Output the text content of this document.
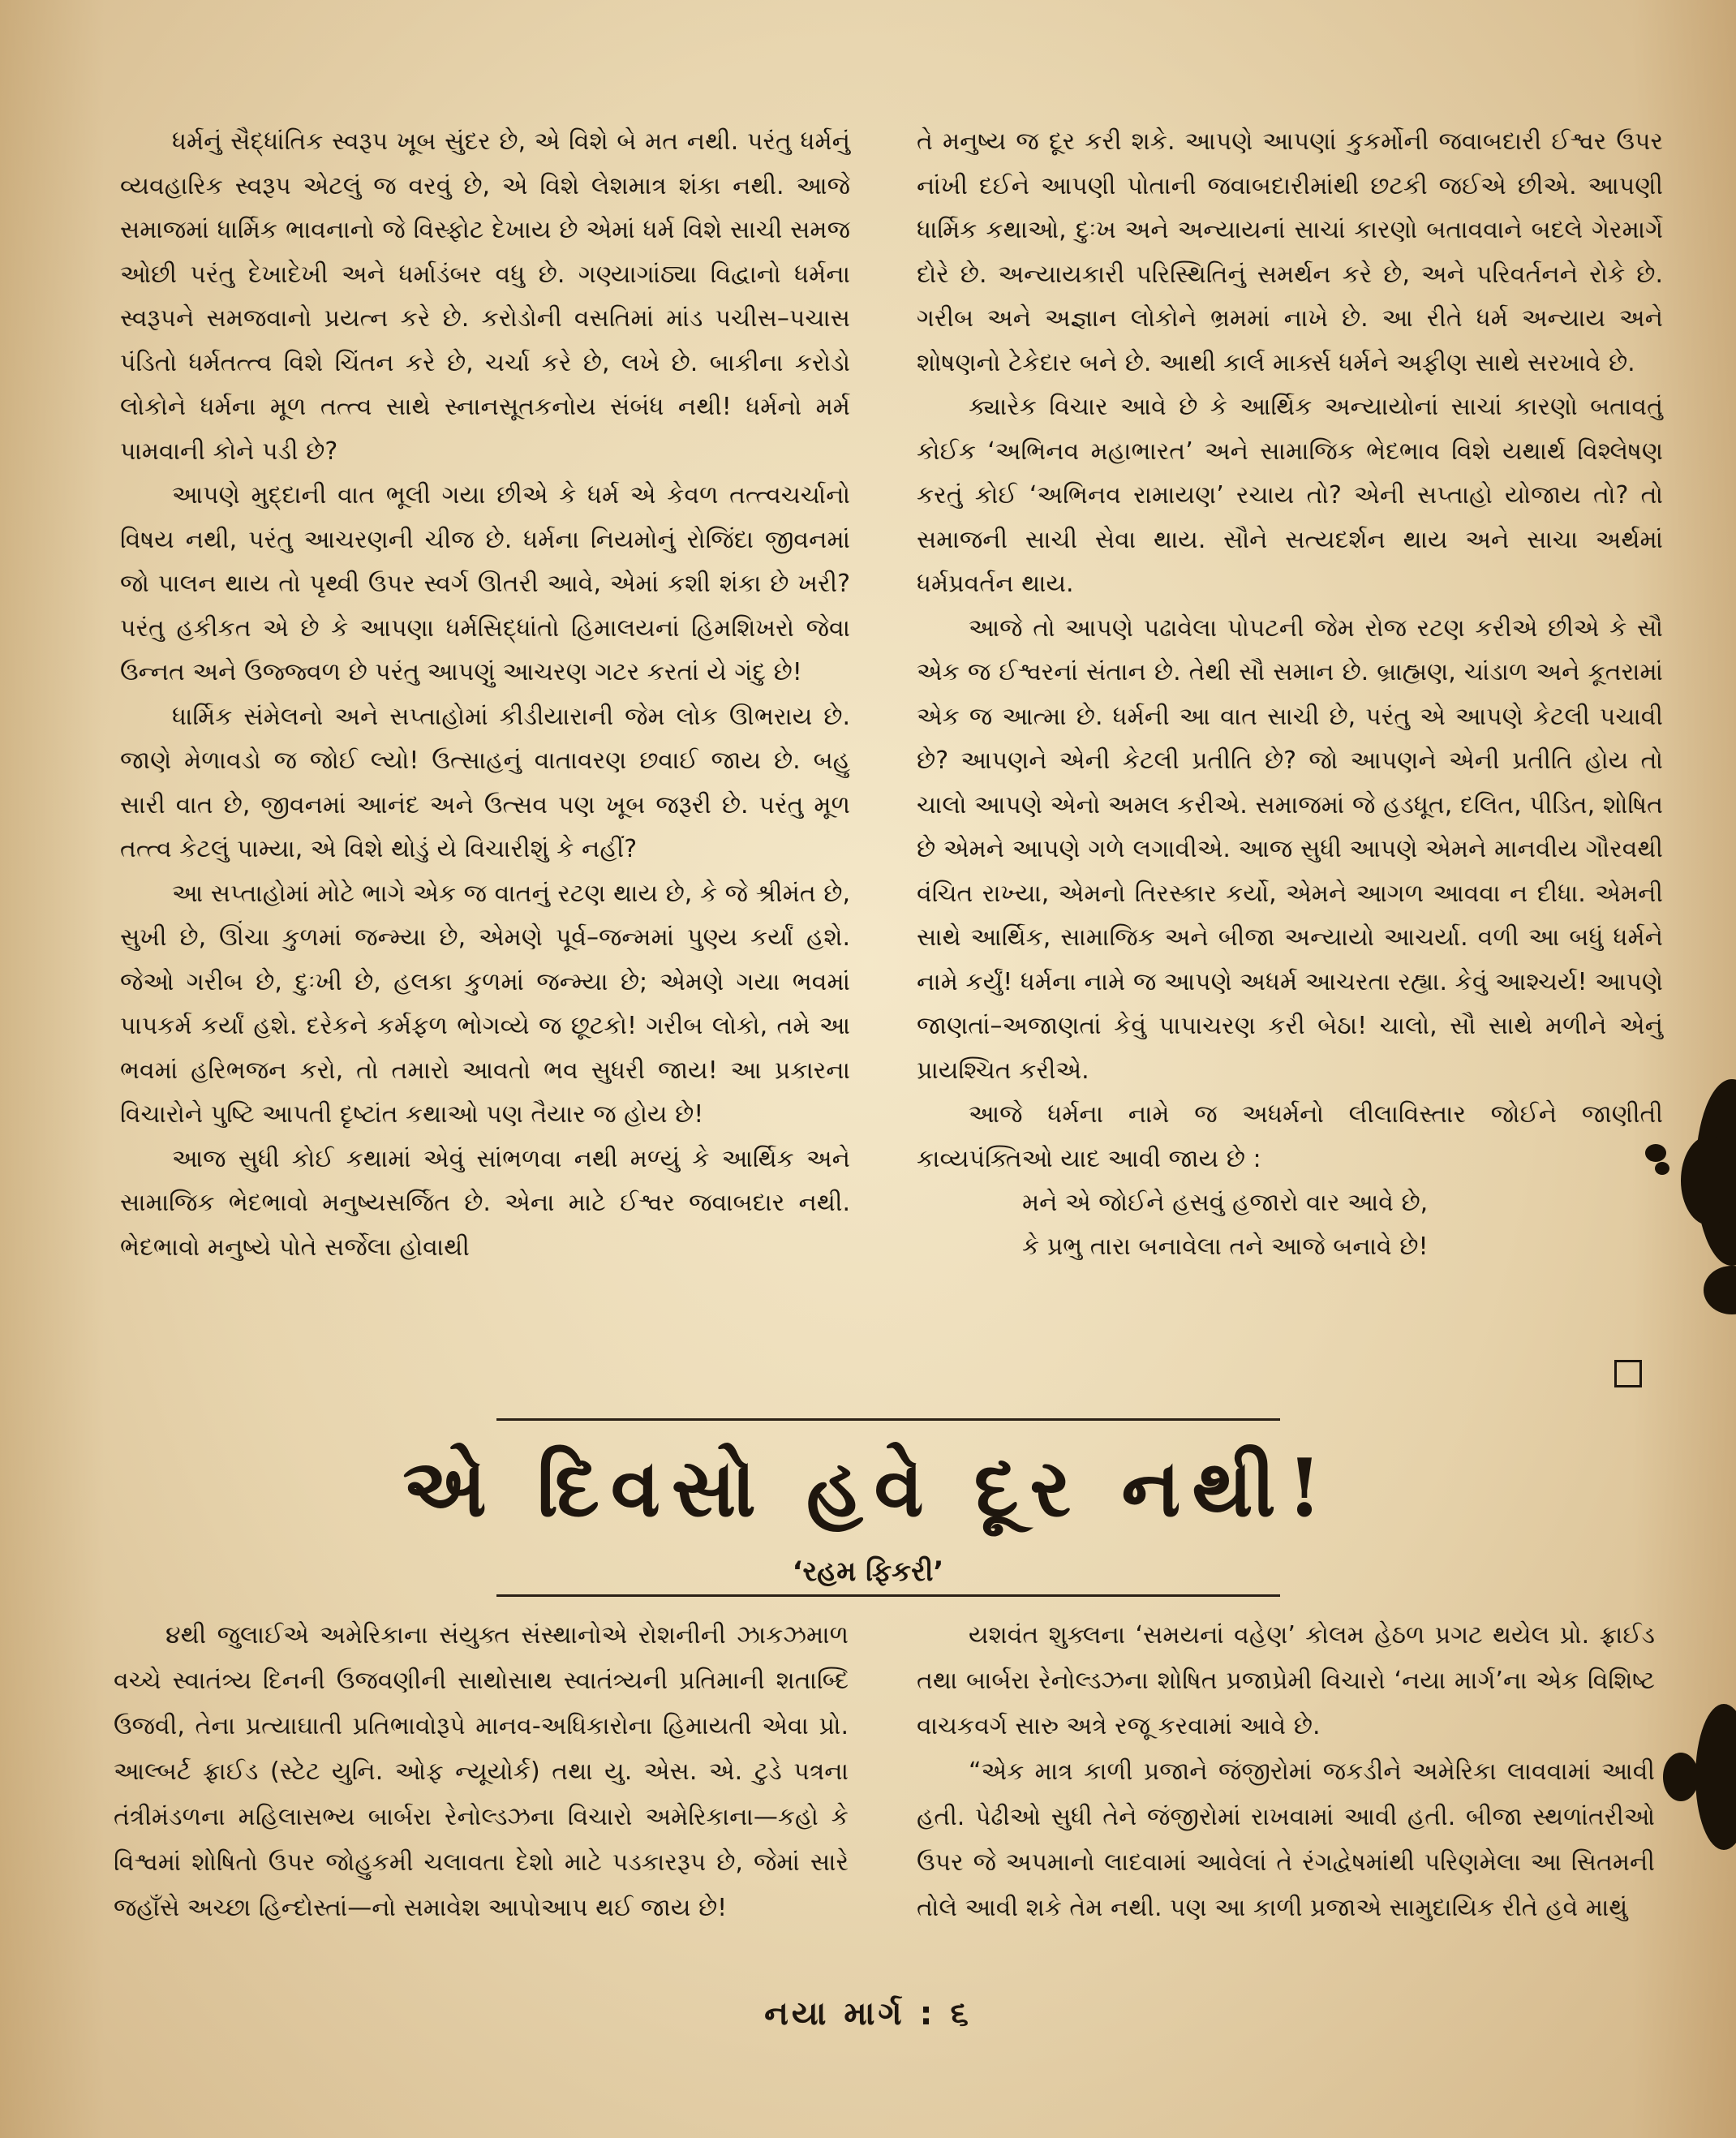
ધર્મનું સૈદ્ધાંતિક સ્વરૂપ ખૂબ સુંદર છે, એ વિશે બે મત નથી. પરંતુ ધર્મનું વ્યવહારિક સ્વરૂપ એટલું જ વરવું છે, એ વિશે લેશમાત્ર શંકા નથી. આજે સમાજમાં ધાર્મિક ભાવનાનો જે વિસ્ફોટ દેખાય છે એમાં ધર્મ વિશે સાચી સમજ ઓછી પરંતુ દેખાદેખી અને ધર્માડંબર વધુ છે. ગણ્યાગાંઠ્યા વિદ્વાનો ધર્મના સ્વરૂપને સમજવાનો પ્રયત્ન કરે છે. કરોડોની વસતિમાં માંડ પચીસ–પચાસ પંડિતો ધર્મતત્ત્વ વિશે ચિંતન કરે છે, ચર્ચા કરે છે, લખે છે. બાકીના કરોડો લોકોને ધર્મના મૂળ તત્ત્વ સાથે સ્નાનસૂતકનોય સંબંધ નથી! ધર્મનો મર્મ પામવાની કોને પડી છે?

આપણે મુદ્દાની વાત ભૂલી ગયા છીએ કે ધર્મ એ કેવળ તત્ત્વચર્ચાનો વિષય નથી, પરંતુ આચરણની ચીજ છે. ધર્મના નિયમોનું રોજિંદા જીવનમાં જો પાલન થાય તો પૃથ્વી ઉપર સ્વર્ગ ઊતરી આવે, એમાં કશી શંકા છે ખરી? પરંતુ હકીકત એ છે કે આપણા ધર્મસિદ્ધાંતો હિમાલયનાં હિમશિખરો જેવા ઉન્નત અને ઉજ્જ્વળ છે પરંતુ આપણું આચરણ ગટર કરતાં યે ગંદુ છે!

ધાર્મિક સંમેલનો અને સપ્તાહોમાં કીડીયારાની જેમ લોક ઊભરાય છે. જાણે મેળાવડો જ જોઈ લ્યો! ઉત્સાહનું વાતાવરણ છવાઈ જાય છે. બહુ સારી વાત છે, જીવનમાં આનંદ અને ઉત્સવ પણ ખૂબ જરૂરી છે. પરંતુ મૂળ તત્ત્વ કેટલું પામ્યા, એ વિશે થોડું યે વિચારીશું કે નહીં?

આ સપ્તાહોમાં મોટે ભાગે એક જ વાતનું રટણ થાય છે, કે જે શ્રીમંત છે, સુખી છે, ઊંચા કુળમાં જન્મ્યા છે, એમણે પૂર્વ–જન્મમાં પુણ્ય કર્યાં હશે. જેઓ ગરીબ છે, દુઃખી છે, હલકા કુળમાં જન્મ્યા છે; એમણે ગયા ભવમાં પાપકર્મ કર્યાં હશે. દરેકને કર્મફળ ભોગવ્યે જ છૂટકો! ગરીબ લોકો, તમે આ ભવમાં હરિભજન કરો, તો તમારો આવતો ભવ સુધરી જાય! આ પ્રકારના વિચારોને પુષ્ટિ આપતી દૃષ્ટાંત કથાઓ પણ તૈયાર જ હોય છે!

આજ સુધી કોઈ કથામાં એવું સાંભળવા નથી મળ્યું કે આર્થિક અને સામાજિક ભેદભાવો મનુષ્યસર્જિત છે. એના માટે ઈશ્વર જવાબદાર નથી. ભેદભાવો મનુષ્યે પોતે સર્જેલા હોવાથી

તે મનુષ્ય જ દૂર કરી શકે. આપણે આપણાં કુકર્મોની જવાબદારી ઈશ્વર ઉપર નાંખી દઈને આપણી પોતાની જવાબદારીમાંથી છટકી જઈએ છીએ. આપણી ધાર્મિક કથાઓ, દુઃખ અને અન્યાયનાં સાચાં કારણો બતાવવાને બદલે ગેરમાર્ગે દોરે છે. અન્યાયકારી પરિસ્થિતિનું સમર્થન કરે છે, અને પરિવર્તનને રોકે છે. ગરીબ અને અજ્ઞાન લોકોને ભ્રમમાં નાખે છે. આ રીતે ધર્મ અન્યાય અને શોષણનો ટેકેદાર બને છે. આથી કાર્લ માર્ક્સ ધર્મને અફીણ સાથે સરખાવે છે.

ક્યારેક વિચાર આવે છે કે આર્થિક અન્યાયોનાં સાચાં કારણો બતાવતું કોઈક ‘અભિનવ મહાભારત’ અને સામાજિક ભેદભાવ વિશે યથાર્થ વિશ્લેષણ કરતું કોઈ ‘અભિનવ રામાયણ’ રચાય તો? એની સપ્તાહો યોજાય તો? તો સમાજની સાચી સેવા થાય. સૌને સત્યદર્શન થાય અને સાચા અર્થમાં ધર્મપ્રવર્તન થાય.

આજે તો આપણે પઢાવેલા પોપટની જેમ રોજ રટણ કરીએ છીએ કે સૌ એક જ ઈશ્વરનાં સંતાન છે. તેથી સૌ સમાન છે. બ્રાહ્મણ, ચાંડાળ અને કૂતરામાં એક જ આત્મા છે. ધર્મની આ વાત સાચી છે, પરંતુ એ આપણે કેટલી પચાવી છે? આપણને એની કેટલી પ્રતીતિ છે? જો આપણને એની પ્રતીતિ હોય તો ચાલો આપણે એનો અમલ કરીએ. સમાજમાં જે હડધૂત, દલિત, પીડિત, શોષિત છે એમને આપણે ગળે લગાવીએ. આજ સુધી આપણે એમને માનવીય ગૌરવથી વંચિત રાખ્યા, એમનો તિરસ્કાર કર્યો, એમને આગળ આવવા ન દીધા. એમની સાથે આર્થિક, સામાજિક અને બીજા અન્યાયો આચર્યા. વળી આ બધું ધર્મને નામે કર્યું! ધર્મના નામે જ આપણે અધર્મ આચરતા રહ્યા. કેવું આશ્ચર્ય! આપણે જાણતાં–અજાણતાં કેવું પાપાચરણ કરી બેઠા! ચાલો, સૌ સાથે મળીને એનું પ્રાયશ્ચિત કરીએ.

આજે ધર્મના નામે જ અધર્મનો લીલાવિસ્તાર જોઈને જાણીતી કાવ્યપંક્તિઓ યાદ આવી જાય છે :

મને એ જોઈને હસવું હજારો વાર આવે છે,
કે પ્રભુ તારા બનાવેલા તને આજે બનાવે છે!
એ દિવસો હવે દૂર નથી!
‘રહમ ફિકરી’

૪થી જુલાઈએ અમેરિકાના સંયુક્ત સંસ્થાનોએ રોશનીની ઝાકઝમાળ વચ્ચે સ્વાતંત્ર્ય દિનની ઉજવણીની સાથોસાથ સ્વાતંત્ર્યની પ્રતિમાની શતાબ્દિ ઉજવી, તેના પ્રત્યાઘાતી પ્રતિભાવોરૂપે માનવ-અધિકારોના હિમાયતી એવા પ્રો. આલ્બર્ટ ફ્રાઈડ (સ્ટેટ યુનિ. ઓફ ન્યૂયોર્ક) તથા યુ. એસ. એ. ટુડે પત્રના તંત્રીમંડળના મહિલાસભ્ય બાર્બરા રેનોલ્ડઝના વિચારો અમેરિકાના—કહો કે વિશ્વમાં શોષિતો ઉપર જોહુકમી ચલાવતા દેશો માટે પડકારરૂપ છે, જેમાં સારે જહાઁસે અચ્છા હિન્દોસ્તાં—નો સમાવેશ આપોઆપ થઈ જાય છે!

યશવંત શુક્લના ‘સમયનાં વહેણ’ કોલમ હેઠળ પ્રગટ થયેલ પ્રો. ફ્રાઈડ તથા બાર્બરા રેનોલ્ડઝના શોષિત પ્રજાપ્રેમી વિચારો ‘નયા માર્ગ’ના એક વિશિષ્ટ વાચકવર્ગ સારુ અત્રે રજૂ કરવામાં આવે છે.

“એક માત્ર કાળી પ્રજાને જંજીરોમાં જકડીને અમેરિકા લાવવામાં આવી હતી. પેઢીઓ સુધી તેને જંજીરોમાં રાખવામાં આવી હતી. બીજા સ્થળાંતરીઓ ઉપર જે અપમાનો લાદવામાં આવેલાં તે રંગદ્વેષમાંથી પરિણમેલા આ સિતમની તોલે આવી શકે તેમ નથી. પણ આ કાળી પ્રજાએ સામુદાયિક રીતે હવે માથું

નયા માર્ગ : ૬
